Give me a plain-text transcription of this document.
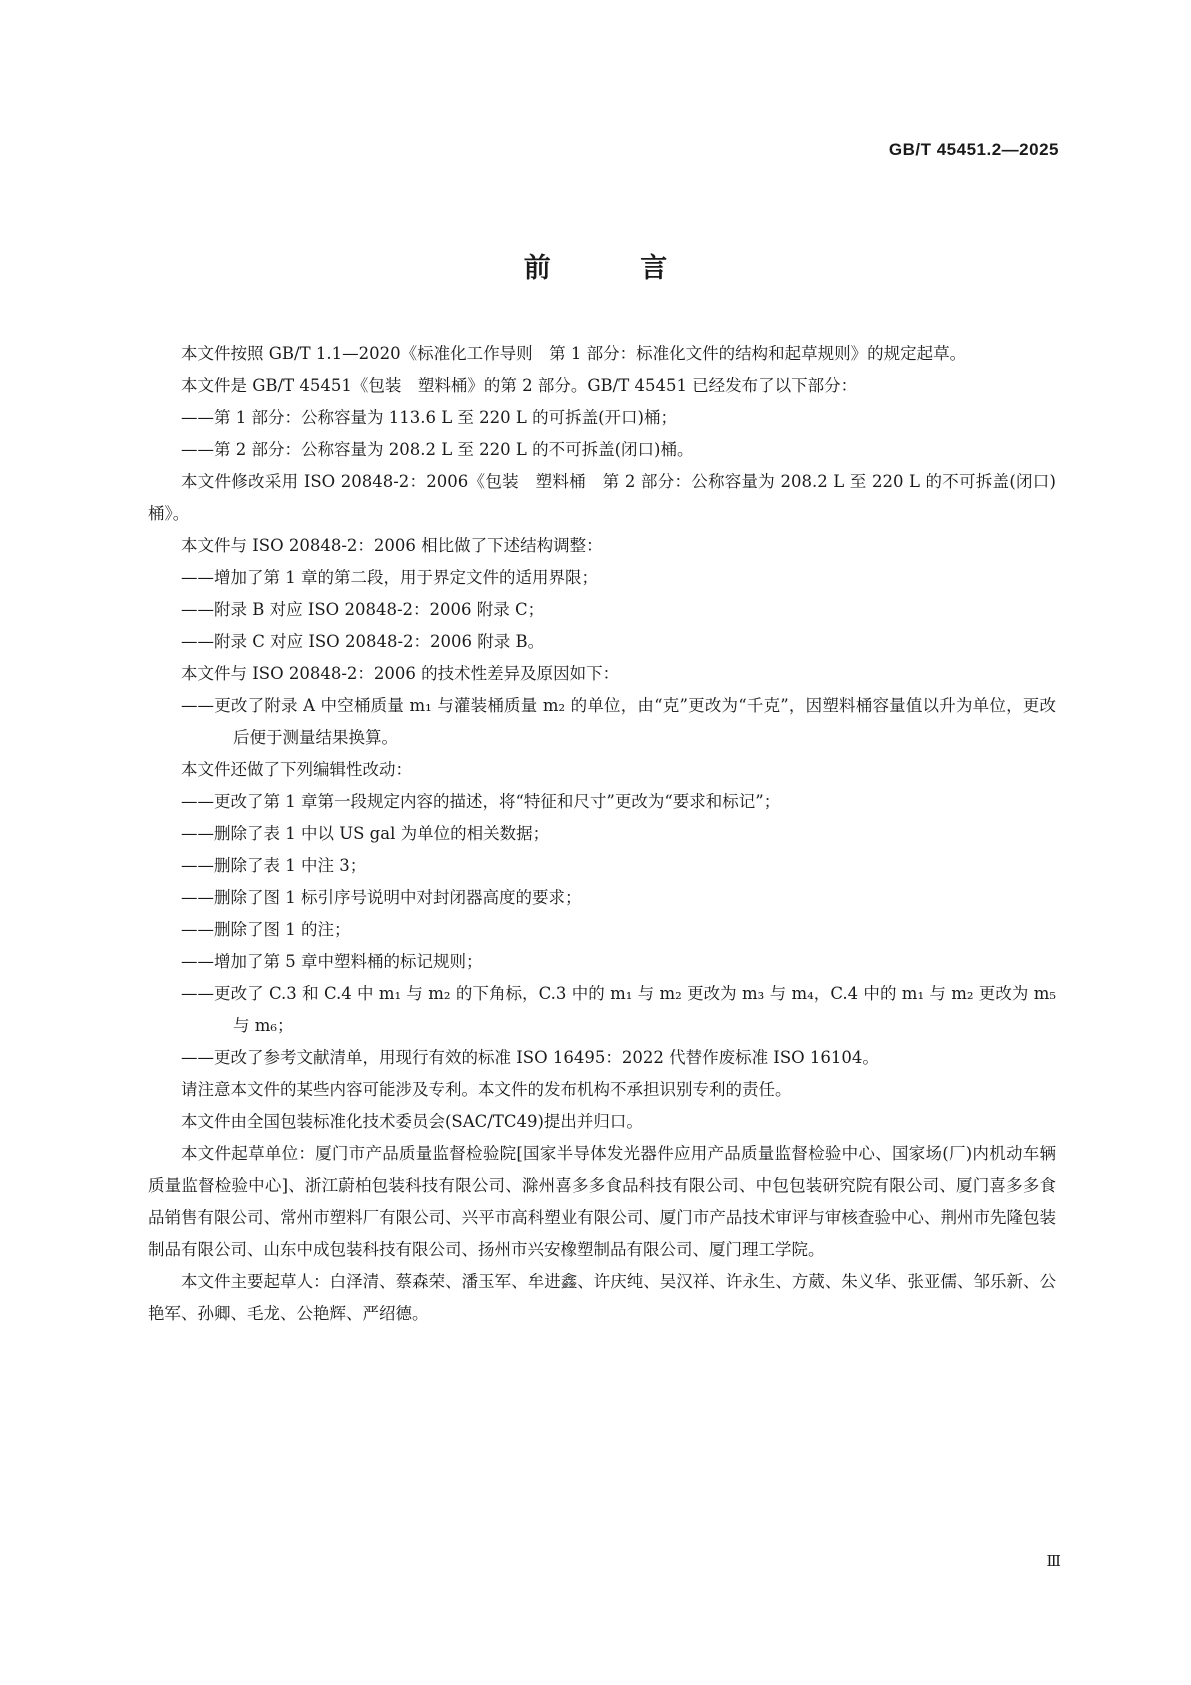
GB/T 45451.2—2025
前 言

本文件按照 GB/T 1.1—2020《标准化工作导则　第 1 部分：标准化文件的结构和起草规则》的规定起草。

本文件是 GB/T 45451《包装　塑料桶》的第 2 部分。GB/T 45451 已经发布了以下部分：

——第 1 部分：公称容量为 113.6 L 至 220 L 的可拆盖(开口)桶；

——第 2 部分：公称容量为 208.2 L 至 220 L 的不可拆盖(闭口)桶。

本文件修改采用 ISO 20848-2：2006《包装　塑料桶　第 2 部分：公称容量为 208.2 L 至 220 L 的不可拆盖(闭口)桶》。

本文件与 ISO 20848-2：2006 相比做了下述结构调整：

——增加了第 1 章的第二段，用于界定文件的适用界限；

——附录 B 对应 ISO 20848-2：2006 附录 C；

——附录 C 对应 ISO 20848-2：2006 附录 B。

本文件与 ISO 20848-2：2006 的技术性差异及原因如下：

——更改了附录 A 中空桶质量 m₁ 与灌装桶质量 m₂ 的单位，由“克”更改为“千克”，因塑料桶容量值以升为单位，更改后便于测量结果换算。

本文件还做了下列编辑性改动：

——更改了第 1 章第一段规定内容的描述，将“特征和尺寸”更改为“要求和标记”；

——删除了表 1 中以 US gal 为单位的相关数据；

——删除了表 1 中注 3；

——删除了图 1 标引序号说明中对封闭器高度的要求；

——删除了图 1 的注；

——增加了第 5 章中塑料桶的标记规则；

——更改了 C.3 和 C.4 中 m₁ 与 m₂ 的下角标，C.3 中的 m₁ 与 m₂ 更改为 m₃ 与 m₄，C.4 中的 m₁ 与 m₂ 更改为 m₅ 与 m₆；

——更改了参考文献清单，用现行有效的标准 ISO 16495：2022 代替作废标准 ISO 16104。

请注意本文件的某些内容可能涉及专利。本文件的发布机构不承担识别专利的责任。

本文件由全国包装标准化技术委员会(SAC/TC49)提出并归口。

本文件起草单位：厦门市产品质量监督检验院[国家半导体发光器件应用产品质量监督检验中心、国家场(厂)内机动车辆质量监督检验中心]、浙江蔚柏包装科技有限公司、滁州喜多多食品科技有限公司、中包包装研究院有限公司、厦门喜多多食品销售有限公司、常州市塑料厂有限公司、兴平市高科塑业有限公司、厦门市产品技术审评与审核查验中心、荆州市先隆包装制品有限公司、山东中成包装科技有限公司、扬州市兴安橡塑制品有限公司、厦门理工学院。

本文件主要起草人：白泽清、蔡森荣、潘玉军、牟进鑫、许庆纯、吴汉祥、许永生、方葳、朱义华、张亚儒、邹乐新、公艳军、孙卿、毛龙、公艳辉、严绍德。

Ⅲ
